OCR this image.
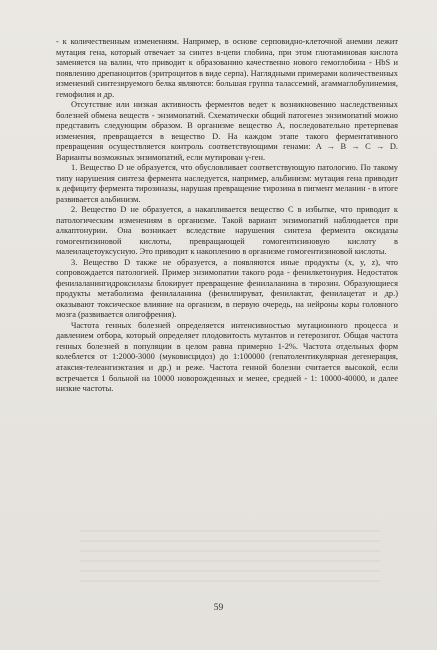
- к количественным изменениям. Например, в основе серповидно-клеточной анемии лежит мутация гена, который отвечает за синтез в-цепи глобина, при этом глютаминовая кислота заменяется на валин, что приводит к образованию качественно нового гемоглобина - HbS и появлению дрепаноцитов (эритроцитов в виде серпа). Наглядными примерами количественных изменений синтезируемого белка являются: большая группа талассемий, агаммаглобулинемия, гемофилия и др.

Отсутствие или низкая активность ферментов ведет к возникновению наследственных болезней обмена веществ - энзимопатий. Схематически общий патогенез энзимопатий можно представить следующим образом. В организме вещество А, последовательно претерпевая изменения, превращается в вещество D. На каждом этапе такого ферментативного превращения осуществляется контроль соответствующими генами: A → B → C → D. Варианты возможных энзимопатий, если мутирован γ-ген.

1. Вещество D не образуется, что обусловливает соответствующую патологию. По такому типу нарушения синтеза фермента наследуется, например, альбинизм: мутация гена приводит к дефициту фермента тирозиназы, нарушая превращение тирозина в пигмент меланин - в итоге развивается альбинизм.

2. Вещество D не образуется, а накапливается вещество С в избытке, что приводит к патологическим изменениям в организме. Такой вариант энзимопатий наблюдается при алкаптонурии. Она возникает вследствие нарушения синтеза фермента оксидазы гомогентизиновой кислоты, превращающей гомогентизиновую кислоту в малеилацетоуксусную. Это приводит к накоплению в организме гомогентизиновой кислоты.

3. Вещество D также не образуется, а появляются иные продукты (x, y, z), что сопровождается патологией. Пример энзимопатии такого рода - фенилкетонурия. Недостаток фенилаланингидроксилазы блокирует превращение фенилаланина в тирозин. Образующиеся продукты метаболизма фенилаланина (фенилпируват, фенилактат, фенилацетат и др.) оказывают токсическое влияние на организм, в первую очередь, на нейроны коры головного мозга (развивается олигофрения).

Частота генных болезней определяется интенсивностью мутационного процесса и давлением отбора, который определяет плодовитость мутантов и гетерозигот. Общая частота генных болезней в популяции в целом равна примерно 1-2%. Частота отдельных форм колеблется от 1:2000-3000 (муковисцидоз) до 1:100000 (гепатолентикулярная дегенерация, атаксия-телеангиэктазия и др.) и реже. Частота генной болезни считается высокой, если встречается 1 больной на 10000 новорожденных и менее, средней - 1: 10000-40000, и далее низкие частоты.

59
